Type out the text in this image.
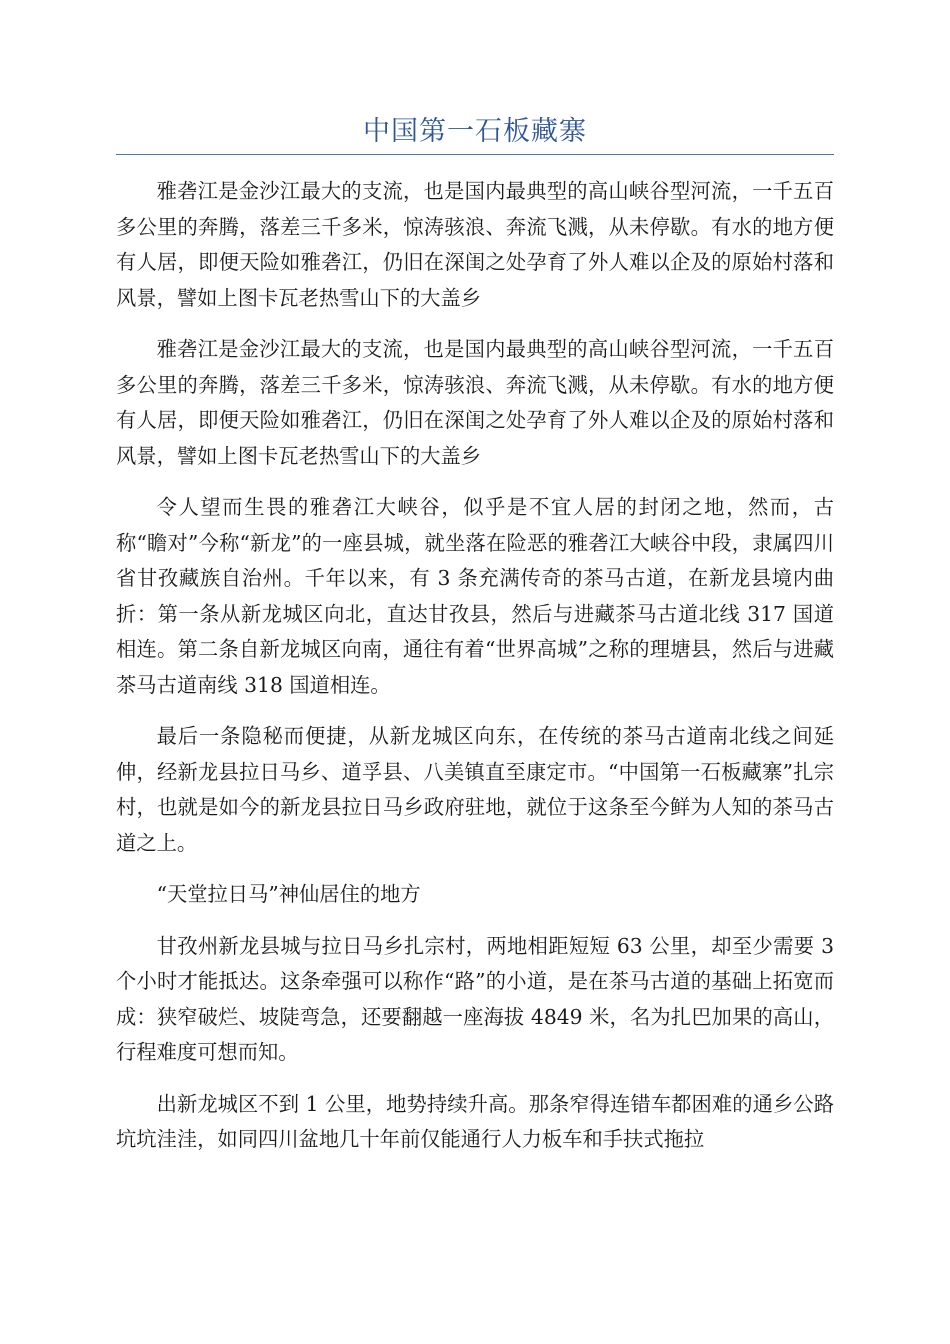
中国第一石板藏寨

雅砻江是金沙江最大的支流，也是国内最典型的高山峡谷型河流，一千五百多公里的奔腾，落差三千多米，惊涛骇浪、奔流飞溅，从未停歇。有水的地方便有人居，即便天险如雅砻江，仍旧在深闺之处孕育了外人难以企及的原始村落和风景，譬如上图卡瓦老热雪山下的大盖乡

雅砻江是金沙江最大的支流，也是国内最典型的高山峡谷型河流，一千五百多公里的奔腾，落差三千多米，惊涛骇浪、奔流飞溅，从未停歇。有水的地方便有人居，即便天险如雅砻江，仍旧在深闺之处孕育了外人难以企及的原始村落和风景，譬如上图卡瓦老热雪山下的大盖乡

令人望而生畏的雅砻江大峡谷，似乎是不宜人居的封闭之地，然而，古称“瞻对”今称“新龙”的一座县城，就坐落在险恶的雅砻江大峡谷中段，隶属四川省甘孜藏族自治州。千年以来，有 3 条充满传奇的茶马古道，在新龙县境内曲折：第一条从新龙城区向北，直达甘孜县，然后与进藏茶马古道北线 317 国道相连。第二条自新龙城区向南，通往有着“世界高城”之称的理塘县，然后与进藏茶马古道南线 318 国道相连。

最后一条隐秘而便捷，从新龙城区向东，在传统的茶马古道南北线之间延伸，经新龙县拉日马乡、道孚县、八美镇直至康定市。“中国第一石板藏寨”扎宗村，也就是如今的新龙县拉日马乡政府驻地，就位于这条至今鲜为人知的茶马古道之上。

“天堂拉日马”神仙居住的地方

甘孜州新龙县城与拉日马乡扎宗村，两地相距短短 63 公里，却至少需要 3 个小时才能抵达。这条牵强可以称作“路”的小道，是在茶马古道的基础上拓宽而成：狭窄破烂、坡陡弯急，还要翻越一座海拔 4849 米，名为扎巴加果的高山，行程难度可想而知。

出新龙城区不到 1 公里，地势持续升高。那条窄得连错车都困难的通乡公路坑坑洼洼，如同四川盆地几十年前仅能通行人力板车和手扶式拖拉
